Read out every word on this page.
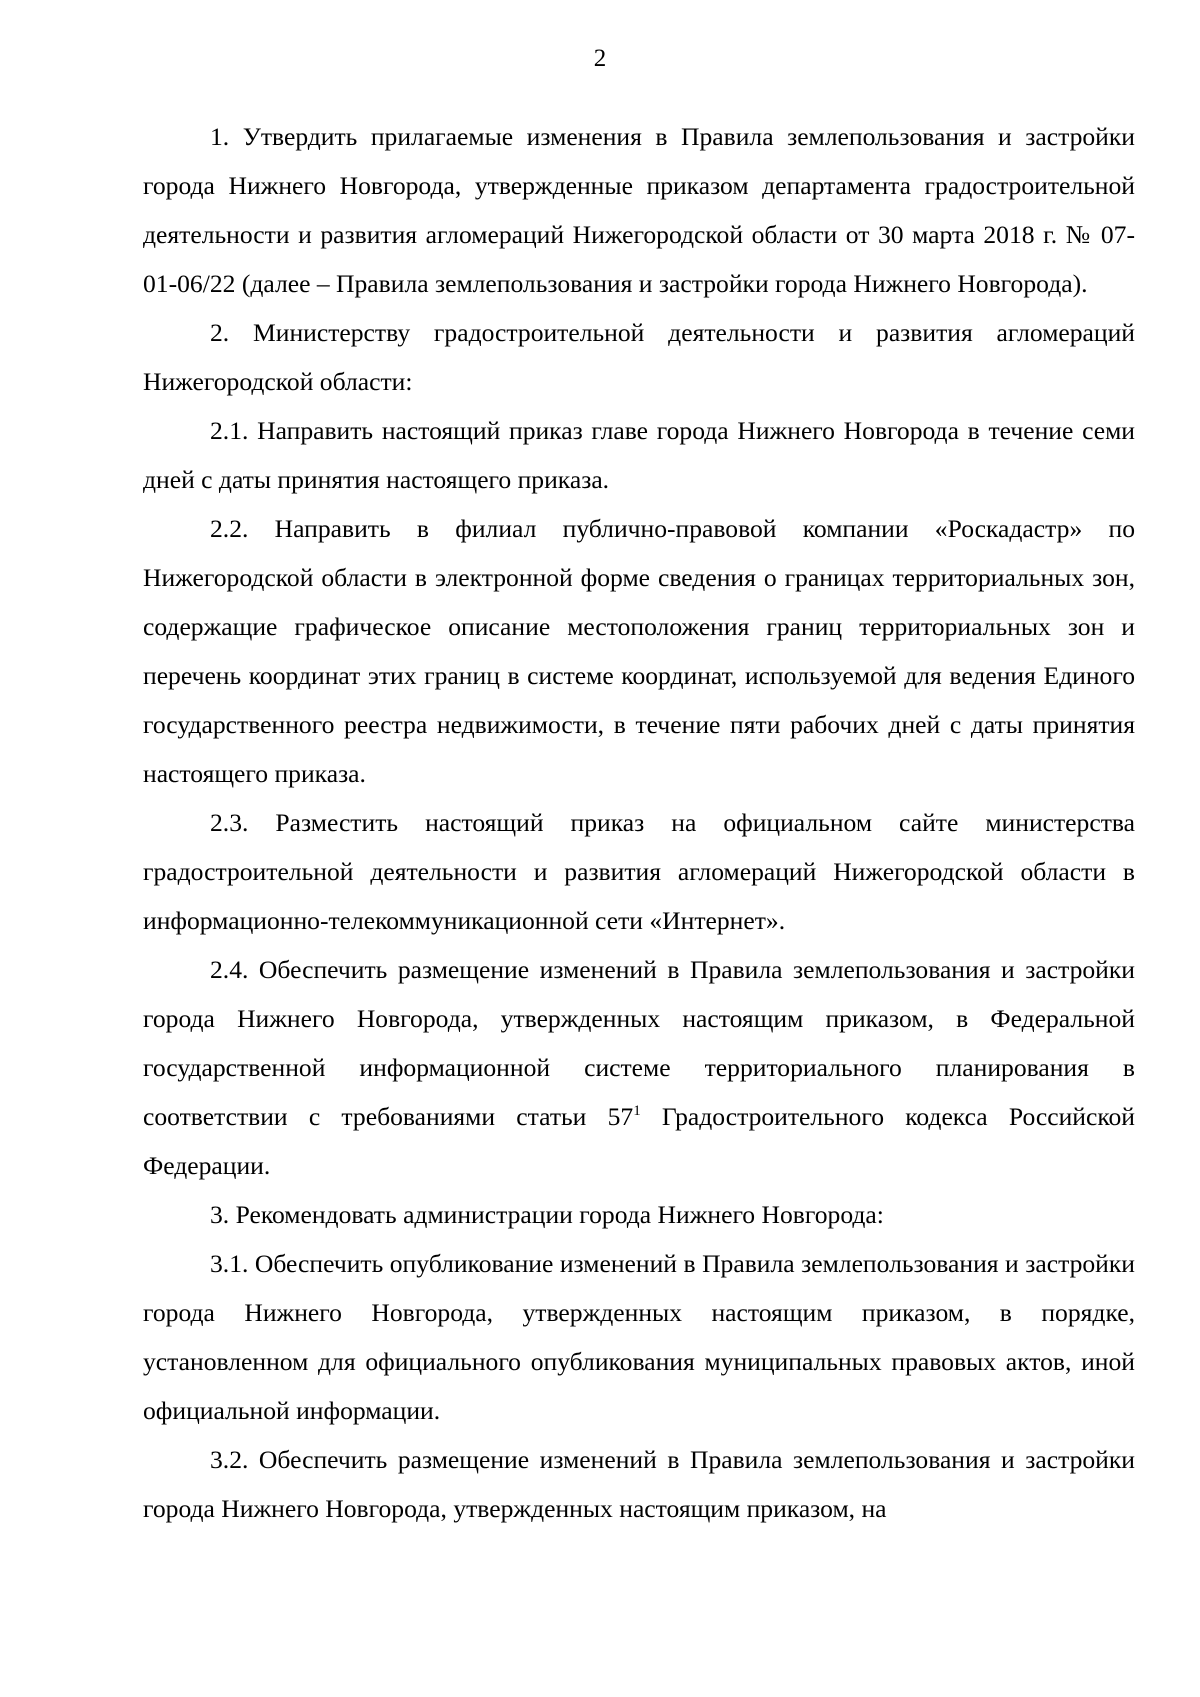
2

1. Утвердить прилагаемые изменения в Правила землепользования и застройки города Нижнего Новгорода, утвержденные приказом департамента градостроительной деятельности и развития агломераций Нижегородской области от 30 марта 2018 г. № 07-01-06/22 (далее – Правила землепользования и застройки города Нижнего Новгорода).

2. Министерству градостроительной деятельности и развития агломераций Нижегородской области:

2.1. Направить настоящий приказ главе города Нижнего Новгорода в течение семи дней с даты принятия настоящего приказа.

2.2. Направить в филиал публично-правовой компании «Роскадастр» по Нижегородской области в электронной форме сведения о границах территориальных зон, содержащие графическое описание местоположения границ территориальных зон и перечень координат этих границ в системе координат, используемой для ведения Единого государственного реестра недвижимости, в течение пяти рабочих дней с даты принятия настоящего приказа.

2.3. Разместить настоящий приказ на официальном сайте министерства градостроительной деятельности и развития агломераций Нижегородской области в информационно-телекоммуникационной сети «Интернет».

2.4. Обеспечить размещение изменений в Правила землепользования и застройки города Нижнего Новгорода, утвержденных настоящим приказом, в Федеральной государственной информационной системе территориального планирования в соответствии с требованиями статьи $57^1$ Градостроительного кодекса Российской Федерации.

3. Рекомендовать администрации города Нижнего Новгорода:

3.1. Обеспечить опубликование изменений в Правила землепользования и застройки города Нижнего Новгорода, утвержденных настоящим приказом, в порядке, установленном для официального опубликования муниципальных правовых актов, иной официальной информации.

3.2. Обеспечить размещение изменений в Правила землепользования и застройки города Нижнего Новгорода, утвержденных настоящим приказом, на
